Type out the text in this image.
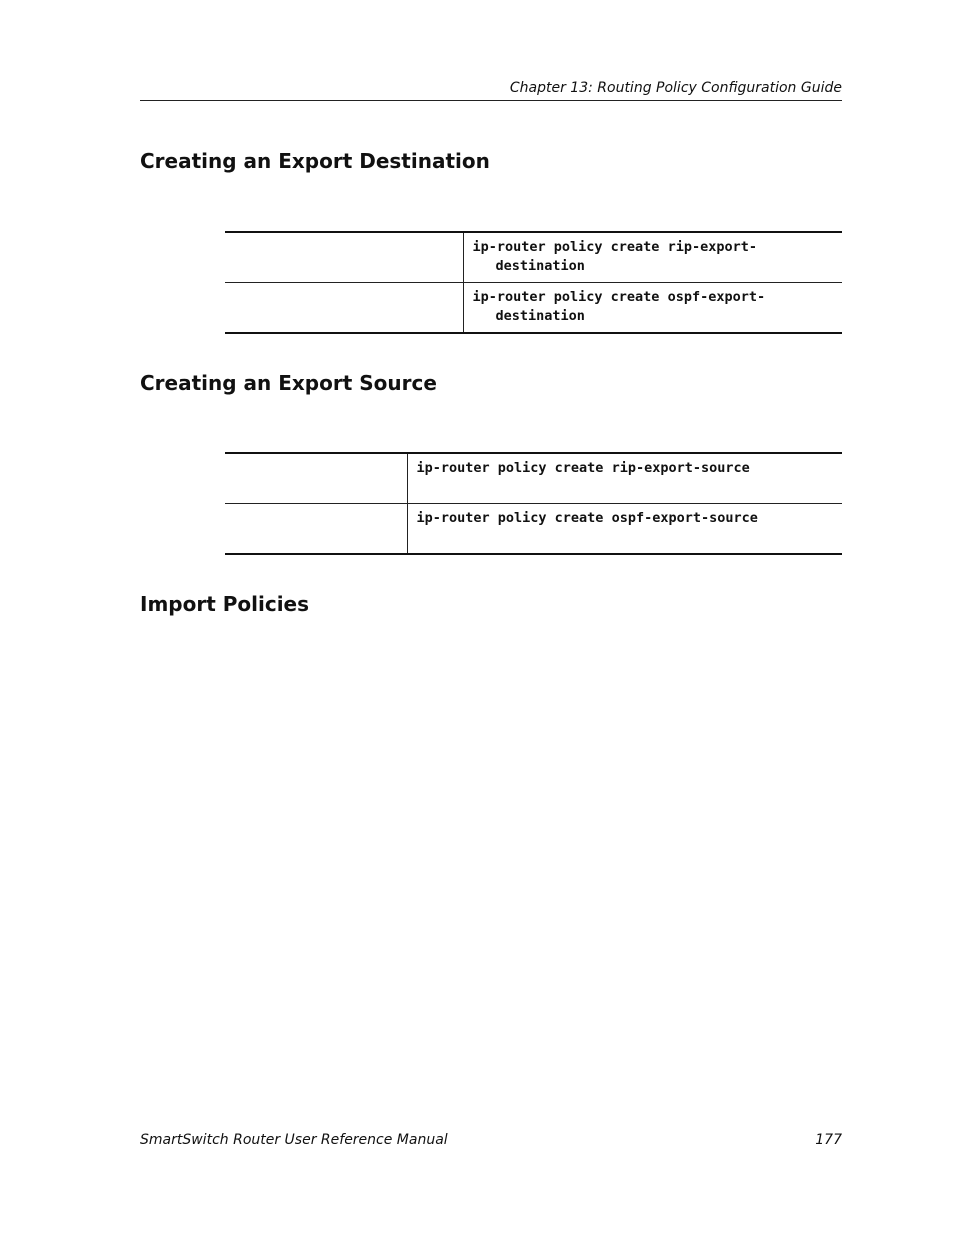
Chapter 13: Routing Policy Configuration Guide
Creating an Export Destination

	ip-router policy create rip-export-
destination

	ip-router policy create ospf-export-
destination
Creating an Export Source

	ip-router policy create rip-export-source

	ip-router policy create ospf-export-source
Import Policies
SmartSwitch Router User Reference Manual	177
